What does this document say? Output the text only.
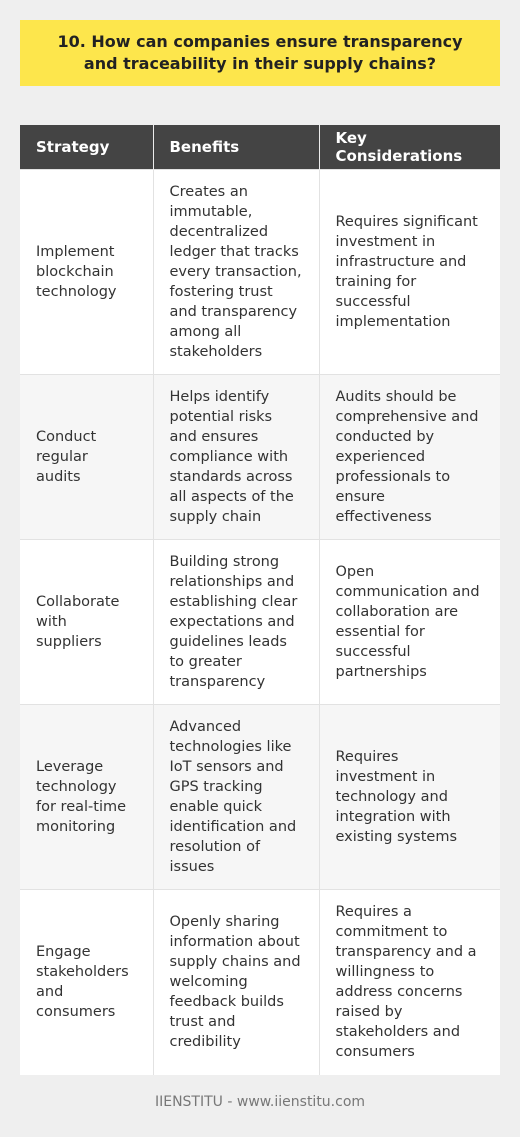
10. How can companies ensure transparency and traceability in their supply chains?
Strategy	Benefits	Key Considerations
Implement blockchain technology	Creates an immutable, decentralized ledger that tracks every transaction, fostering trust and transparency among all stakeholders	Requires significant investment in infrastructure and training for successful implementation
Conduct regular audits	Helps identify potential risks and ensures compliance with standards across all aspects of the supply chain	Audits should be comprehensive and conducted by experienced professionals to ensure effectiveness
Collaborate with suppliers	Building strong relationships and establishing clear expectations and guidelines leads to greater transparency	Open communication and collaboration are essential for successful partnerships
Leverage technology for real-time monitoring	Advanced technologies like IoT sensors and GPS tracking enable quick identification and resolution of issues	Requires investment in technology and integration with existing systems
Engage stakeholders and consumers	Openly sharing information about supply chains and welcoming feedback builds trust and credibility	Requires a commitment to transparency and a willingness to address concerns raised by stakeholders and consumers
IIENSTITU - www.iienstitu.com
